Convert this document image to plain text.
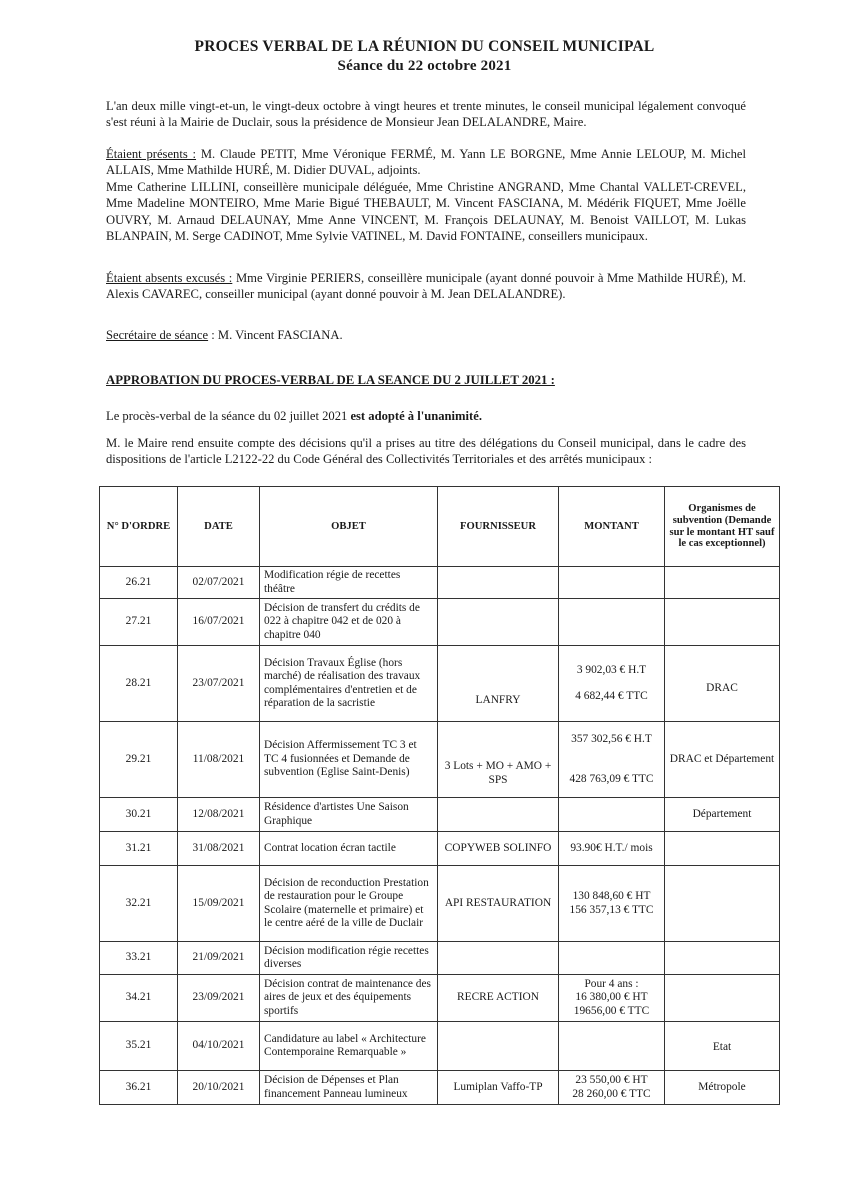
PROCES VERBAL DE LA RÉUNION DU CONSEIL MUNICIPAL
Séance du 22 octobre 2021
L'an deux mille vingt-et-un, le vingt-deux octobre à vingt heures et trente minutes, le conseil municipal légalement convoqué s'est réuni à la Mairie de Duclair, sous la présidence de Monsieur Jean DELALANDRE, Maire.
Étaient présents : M. Claude PETIT, Mme Véronique FERMÉ, M. Yann LE BORGNE, Mme Annie LELOUP, M. Michel ALLAIS, Mme Mathilde HURÉ, M. Didier DUVAL, adjoints.
Mme Catherine LILLINI, conseillère municipale déléguée, Mme Christine ANGRAND, Mme Chantal VALLET-CREVEL, Mme Madeline MONTEIRO, Mme Marie Bigué THEBAULT, M. Vincent FASCIANA, M. Médérik FIQUET, Mme Joëlle OUVRY, M. Arnaud DELAUNAY, Mme Anne VINCENT, M. François DELAUNAY, M. Benoist VAILLOT, M. Lukas BLANPAIN, M. Serge CADINOT, Mme Sylvie VATINEL, M. David FONTAINE, conseillers municipaux.
Étaient absents excusés : Mme Virginie PERIERS, conseillère municipale (ayant donné pouvoir à Mme Mathilde HURÉ), M. Alexis CAVAREC, conseiller municipal (ayant donné pouvoir à M. Jean DELALANDRE).
Secrétaire de séance : M. Vincent FASCIANA.
APPROBATION DU PROCES-VERBAL DE LA SEANCE DU 2 JUILLET 2021 :
Le procès-verbal de la séance du 02 juillet 2021 est adopté à l'unanimité.
M. le Maire rend ensuite compte des décisions qu'il a prises au titre des délégations du Conseil municipal, dans le cadre des dispositions de l'article L2122-22 du Code Général des Collectivités Territoriales et des arrêtés municipaux :
N° D'ORDRE	DATE	OBJET	FOURNISSEUR	MONTANT	Organismes de subvention (Demande sur le montant HT sauf le cas exceptionnel)
26.21	02/07/2021	Modification régie de recettes théâtre			
27.21	16/07/2021	Décision de transfert du crédits de 022 à chapitre 042 et de 020 à chapitre 040			
28.21	23/07/2021	Décision Travaux Église (hors marché) de réalisation des travaux complémentaires d'entretien et de réparation de la sacristie	LANFRY	3 902,03 € H.T
4 682,44 € TTC	DRAC
29.21	11/08/2021	Décision Affermissement TC 3 et TC 4 fusionnées et Demande de subvention (Eglise Saint-Denis)	3 Lots + MO + AMO + SPS	357 302,56 € H.T
428 763,09 € TTC	DRAC et Département
30.21	12/08/2021	Résidence d'artistes Une Saison Graphique			Département
31.21	31/08/2021	Contrat location écran tactile	COPYWEB SOLINFO	93.90€ H.T./ mois	

32.21	15/09/2021	Décision de reconduction Prestation de restauration pour le Groupe Scolaire (maternelle et primaire) et le centre aéré de la ville de Duclair	API RESTAURATION	130 848,60 € HT
156 357,13 € TTC	

33.21	21/09/2021	Décision modification régie recettes diverses			
34.21	23/09/2021	Décision contrat de maintenance des aires de jeux et des équipements sportifs	RECRE ACTION	Pour 4 ans :
16 380,00 € HT
19656,00 € TTC	

35.21	04/10/2021	Candidature au label « Architecture Contemporaine Remarquable »			Etat
36.21	20/10/2021	Décision de Dépenses et Plan financement Panneau lumineux	Lumiplan Vaffo-TP	23 550,00 € HT
28 260,00 € TTC	Métropole
